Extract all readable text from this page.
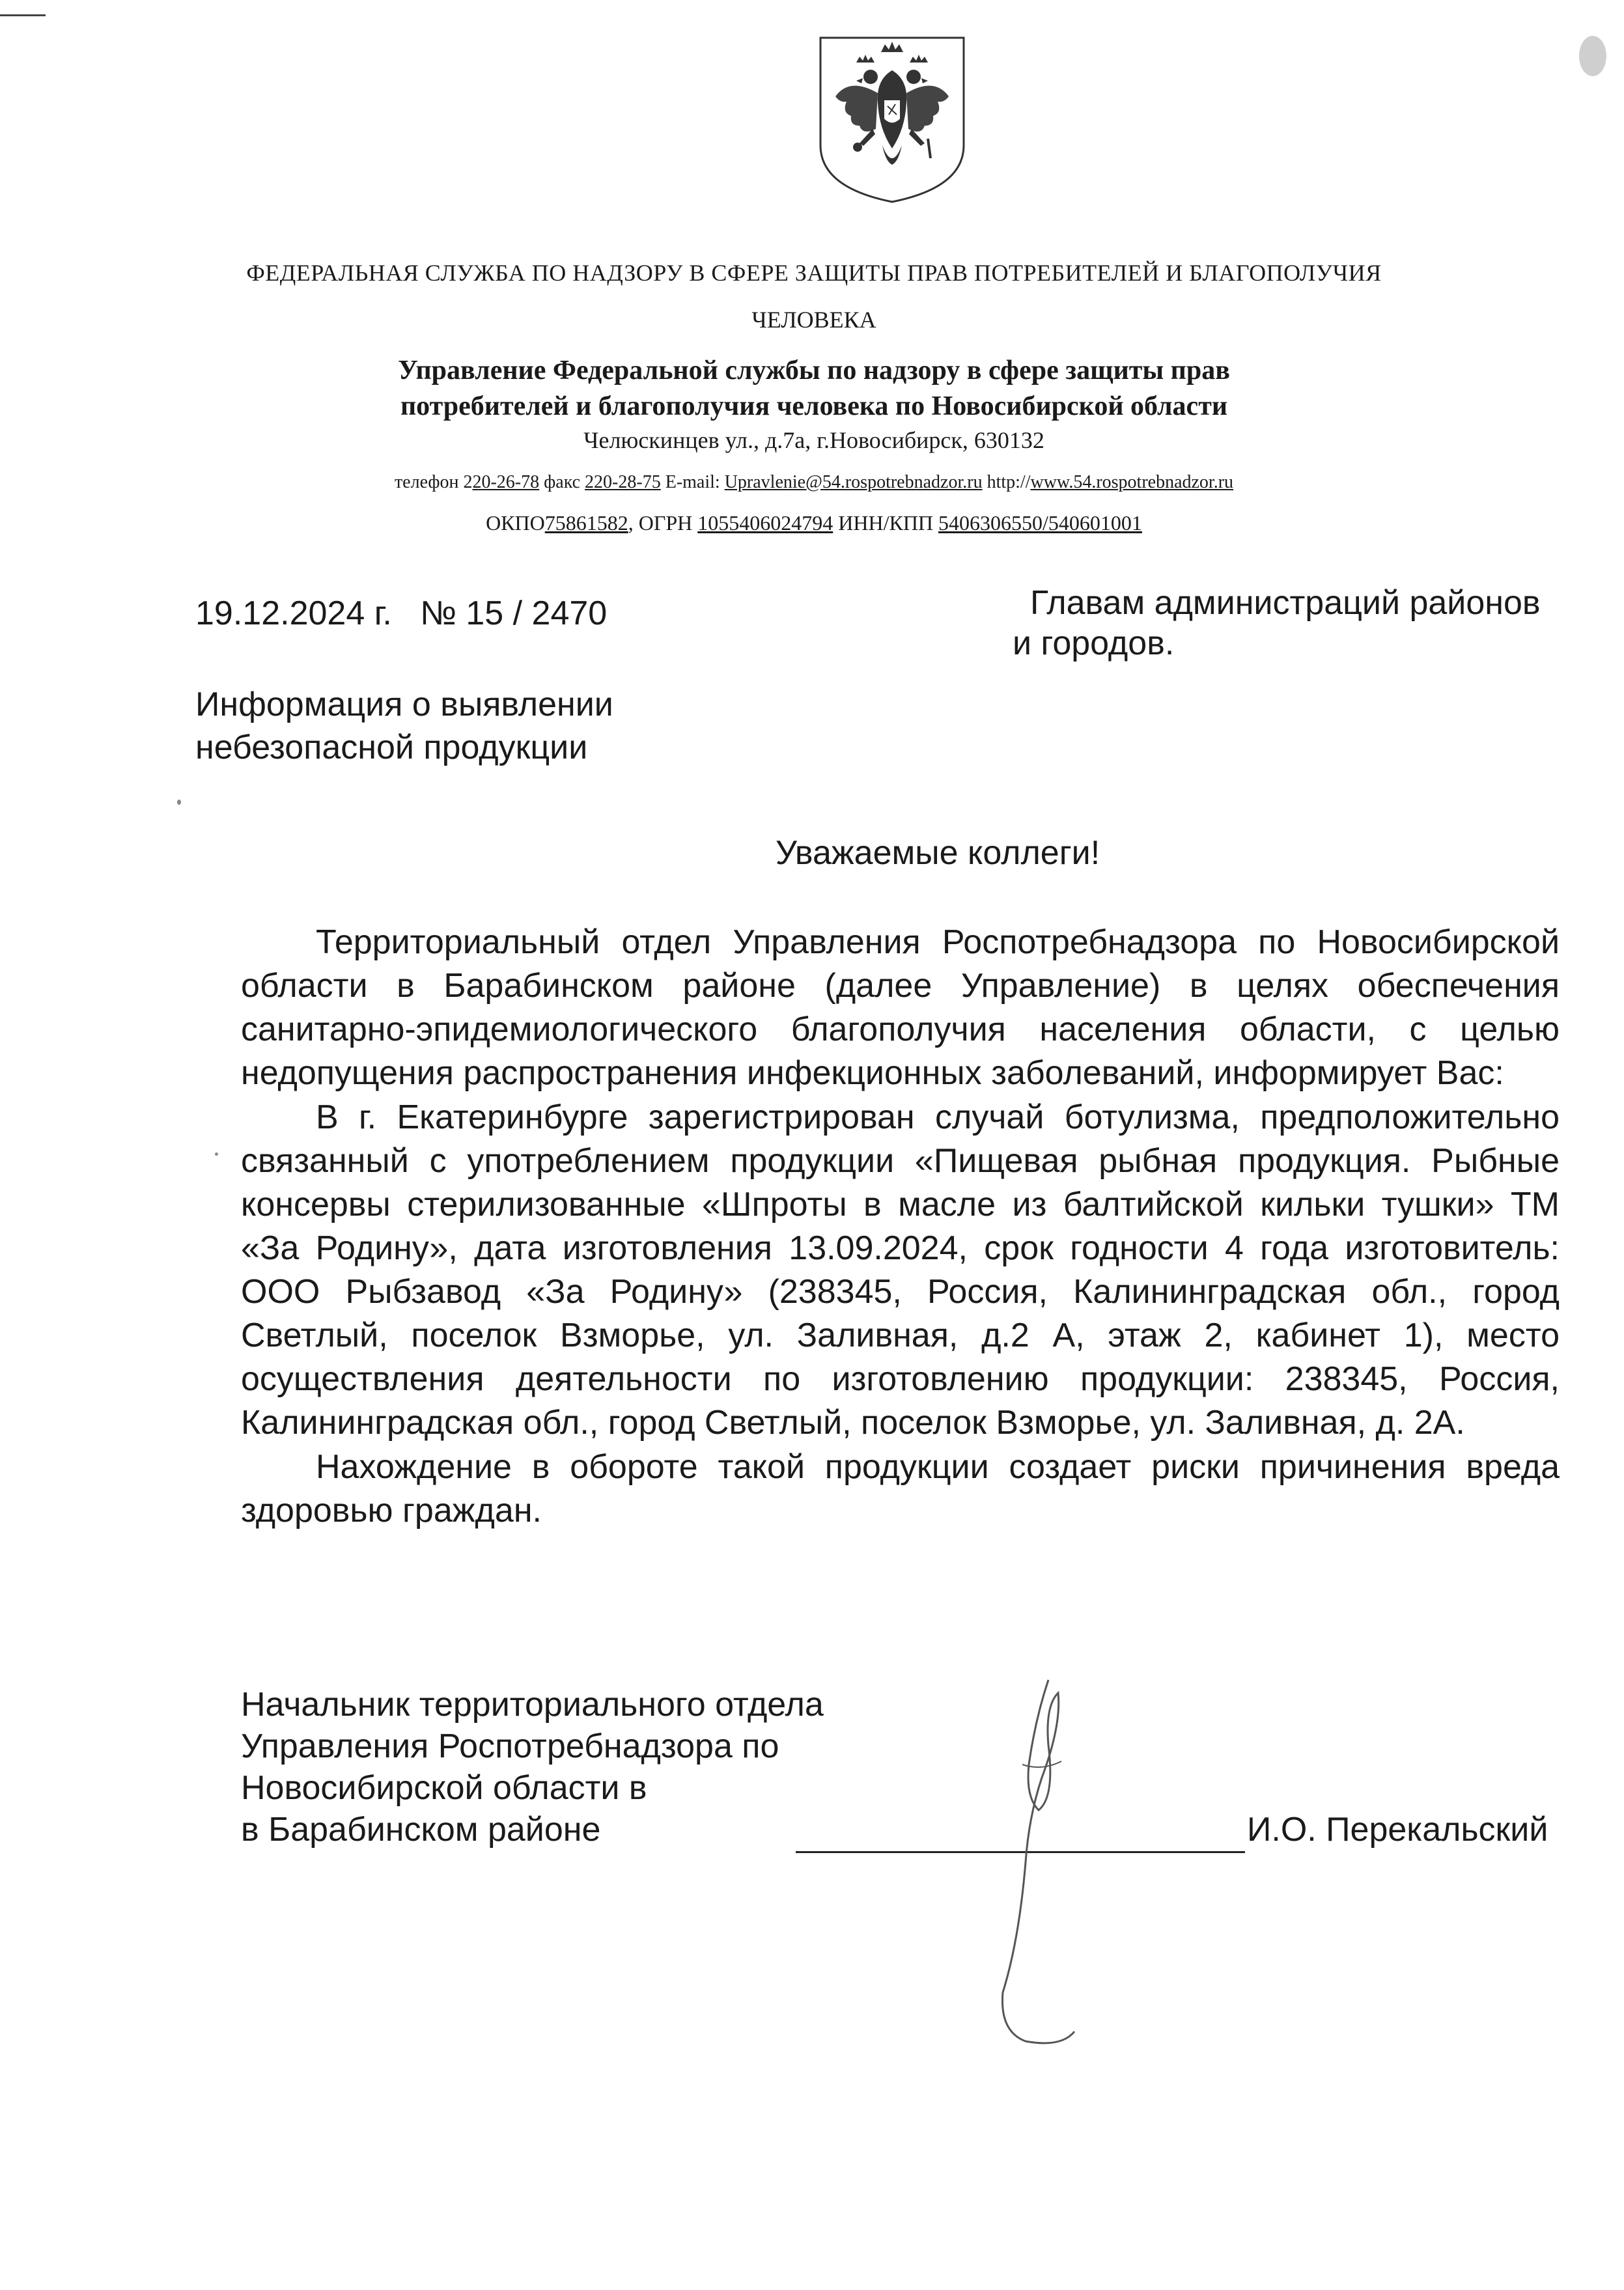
ФЕДЕРАЛЬНАЯ СЛУЖБА ПО НАДЗОРУ В СФЕРЕ ЗАЩИТЫ ПРАВ ПОТРЕБИТЕЛЕЙ И БЛАГОПОЛУЧИЯ
ЧЕЛОВЕКА
Управление Федеральной службы по надзору в сфере защиты прав
потребителей и благополучия человека по Новосибирской области
Челюскинцев ул., д.7а, г.Новосибирск, 630132
телефон 220-26-78 факс 220-28-75 E-mail: Upravlenie@54.rospotrebnadzor.ru http://www.54.rospotrebnadzor.ru
ОКПО75861582, ОГРН 1055406024794 ИНН/КПП 5406306550/540601001
19.12.2024 г.   № 15 / 2470	Главам администраций районов
и городов.
Информация о выявлении
небезопасной продукции
Уважаемые коллеги!
Территориальный отдел Управления Роспотребнадзора по Новосибирской области в Барабинском районе (далее Управление) в целях обеспечения санитарно-эпидемиологического благополучия населения области, с целью недопущения распространения инфекционных заболеваний, информирует Вас:
В г. Екатеринбурге зарегистрирован случай ботулизма, предположительно связанный с употреблением продукции «Пищевая рыбная продукция. Рыбные консервы стерилизованные «Шпроты в масле из балтийской кильки тушки» ТМ «За Родину», дата изготовления 13.09.2024, срок годности 4 года изготовитель: ООО Рыбзавод «За Родину» (238345, Россия, Калининградская обл., город Светлый, поселок Взморье, ул. Заливная, д.2 А, этаж 2, кабинет 1), место осуществления деятельности по изготовлению продукции: 238345, Россия, Калининградская обл., город Светлый, поселок Взморье, ул. Заливная, д. 2А.
Нахождение в обороте такой продукции создает риски причинения вреда здоровью граждан.
Начальник территориального отдела
Управления Роспотребнадзора по
Новосибирской области в
в Барабинском районе	И.О. Перекальский
